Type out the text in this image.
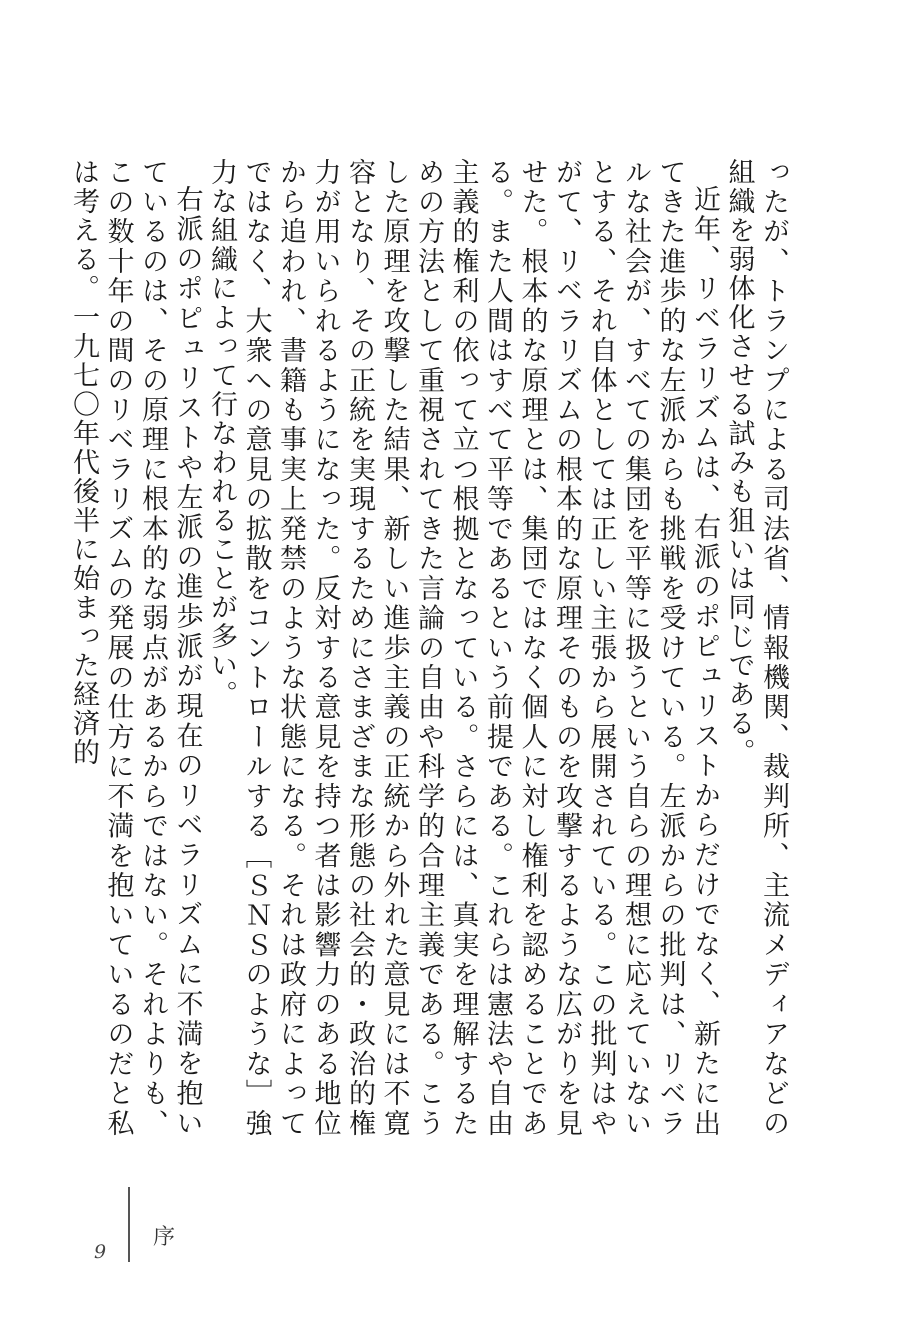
ったが、トランプによる司法省、情報機関、裁判所、主流メディアなどの組織を弱体化させる試みも狙いは同じである。

近年、リベラリズムは、右派のポピュリストからだけでなく、新たに出てきた進歩的な左派からも挑戦を受けている。左派からの批判は、リベラルな社会が、すべての集団を平等に扱うという自らの理想に応えていないとする、それ自体としては正しい主張から展開されている。この批判はやがて、リベラリズムの根本的な原理そのものを攻撃するような広がりを見せた。根本的な原理とは、集団ではなく個人に対し権利を認めることである。また人間はすべて平等であるという前提である。これらは憲法や自由主義的権利の依って立つ根拠となっている。さらには、真実を理解するための方法として重視されてきた言論の自由や科学的合理主義である。こうした原理を攻撃した結果、新しい進歩主義の正統から外れた意見には不寛容となり、その正統を実現するためにさまざまな形態の社会的・政治的権力が用いられるようになった。反対する意見を持つ者は影響力のある地位から追われ、書籍も事実上発禁のような状態になる。それは政府によってではなく、大衆への意見の拡散をコントロールする［ＳＮＳのような］強力な組織によって行なわれることが多い。

右派のポピュリストや左派の進歩派が現在のリベラリズムに不満を抱いているのは、その原理に根本的な弱点があるからではない。それよりも、この数十年の間のリベラリズムの発展の仕方に不満を抱いているのだと私は考える。一九七〇年代後半に始まった経済的

9
序
